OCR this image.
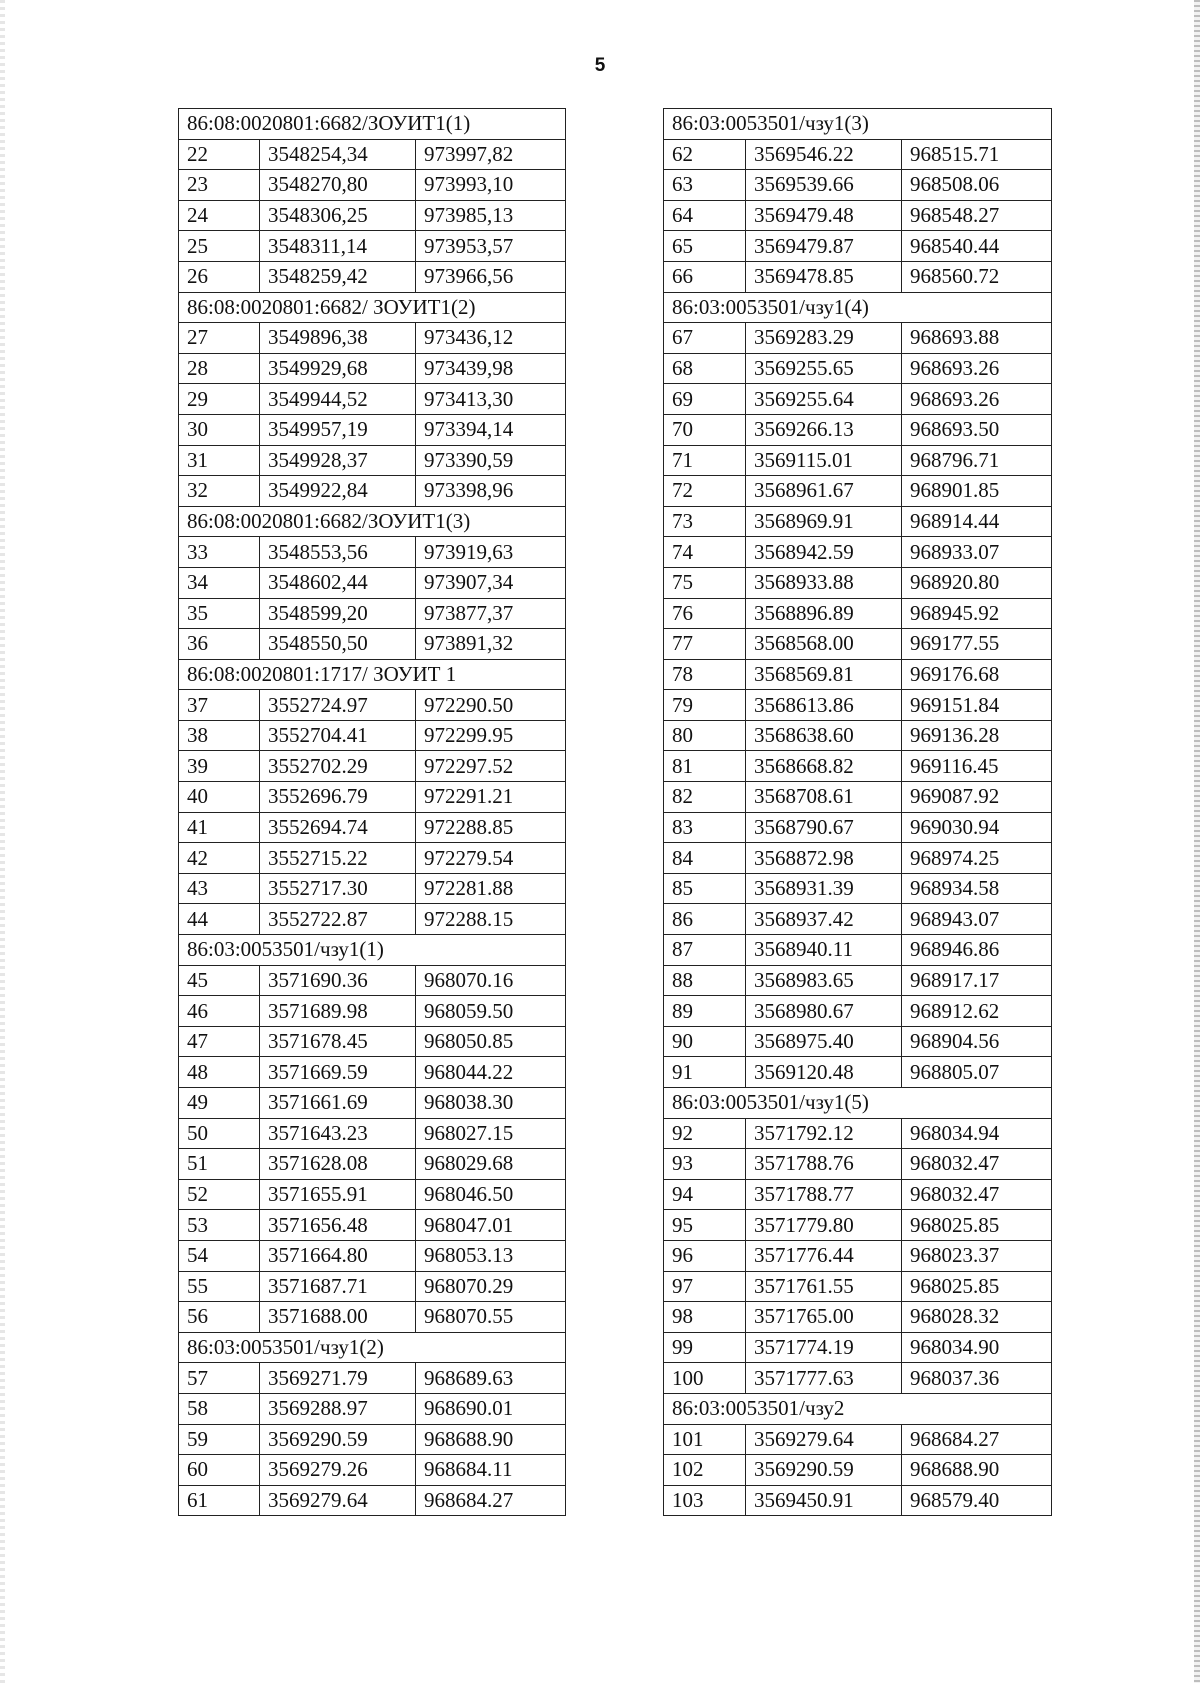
5
86:08:0020801:6682/ЗОУИТ1(1)		
22	3548254,34	973997,82
23	3548270,80	973993,10
24	3548306,25	973985,13
25	3548311,14	973953,57
26	3548259,42	973966,56
86:08:0020801:6682/ ЗОУИТ1(2)		
27	3549896,38	973436,12
28	3549929,68	973439,98
29	3549944,52	973413,30
30	3549957,19	973394,14
31	3549928,37	973390,59
32	3549922,84	973398,96
86:08:0020801:6682/ЗОУИТ1(3)		
33	3548553,56	973919,63
34	3548602,44	973907,34
35	3548599,20	973877,37
36	3548550,50	973891,32
86:08:0020801:1717/ ЗОУИТ 1		
37	3552724.97	972290.50
38	3552704.41	972299.95
39	3552702.29	972297.52
40	3552696.79	972291.21
41	3552694.74	972288.85
42	3552715.22	972279.54
43	3552717.30	972281.88
44	3552722.87	972288.15
86:03:0053501/чзу1(1)		
45	3571690.36	968070.16
46	3571689.98	968059.50
47	3571678.45	968050.85
48	3571669.59	968044.22
49	3571661.69	968038.30
50	3571643.23	968027.15
51	3571628.08	968029.68
52	3571655.91	968046.50
53	3571656.48	968047.01
54	3571664.80	968053.13
55	3571687.71	968070.29
56	3571688.00	968070.55
86:03:0053501/чзу1(2)		
57	3569271.79	968689.63
58	3569288.97	968690.01
59	3569290.59	968688.90
60	3569279.26	968684.11
61	3569279.64	968684.27
86:03:0053501/чзу1(3)		
62	3569546.22	968515.71
63	3569539.66	968508.06
64	3569479.48	968548.27
65	3569479.87	968540.44
66	3569478.85	968560.72
86:03:0053501/чзу1(4)		
67	3569283.29	968693.88
68	3569255.65	968693.26
69	3569255.64	968693.26
70	3569266.13	968693.50
71	3569115.01	968796.71
72	3568961.67	968901.85
73	3568969.91	968914.44
74	3568942.59	968933.07
75	3568933.88	968920.80
76	3568896.89	968945.92
77	3568568.00	969177.55
78	3568569.81	969176.68
79	3568613.86	969151.84
80	3568638.60	969136.28
81	3568668.82	969116.45
82	3568708.61	969087.92
83	3568790.67	969030.94
84	3568872.98	968974.25
85	3568931.39	968934.58
86	3568937.42	968943.07
87	3568940.11	968946.86
88	3568983.65	968917.17
89	3568980.67	968912.62
90	3568975.40	968904.56
91	3569120.48	968805.07
86:03:0053501/чзу1(5)		
92	3571792.12	968034.94
93	3571788.76	968032.47
94	3571788.77	968032.47
95	3571779.80	968025.85
96	3571776.44	968023.37
97	3571761.55	968025.85
98	3571765.00	968028.32
99	3571774.19	968034.90
100	3571777.63	968037.36
86:03:0053501/чзу2		
101	3569279.64	968684.27
102	3569290.59	968688.90
103	3569450.91	968579.40
